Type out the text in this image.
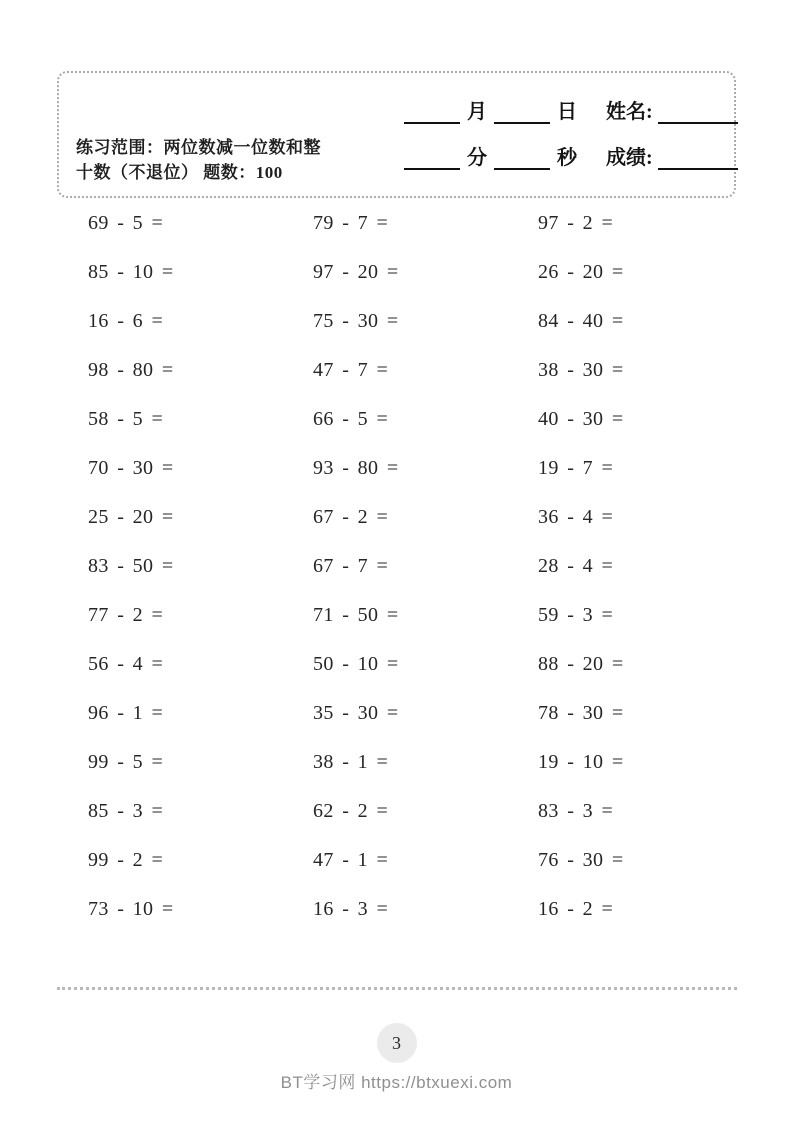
练习范围：两位数减一位数和整
十数（不退位） 题数：100
月	日 姓名:
分	秒 成绩:
69 - 5 =
85 - 10 =
16 - 6 =
98 - 80 =
58 - 5 =
70 - 30 =
25 - 20 =
83 - 50 =
77 - 2 =
56 - 4 =
96 - 1 =
99 - 5 =
85 - 3 =
99 - 2 =
73 - 10 =
79 - 7 =
97 - 20 =
75 - 30 =
47 - 7 =
66 - 5 =
93 - 80 =
67 - 2 =
67 - 7 =
71 - 50 =
50 - 10 =
35 - 30 =
38 - 1 =
62 - 2 =
47 - 1 =
16 - 3 =
97 - 2 =
26 - 20 =
84 - 40 =
38 - 30 =
40 - 30 =
19 - 7 =
36 - 4 =
28 - 4 =
59 - 3 =
88 - 20 =
78 - 30 =
19 - 10 =
83 - 3 =
76 - 30 =
16 - 2 =
3
BT学习网 https://btxuexi.com
